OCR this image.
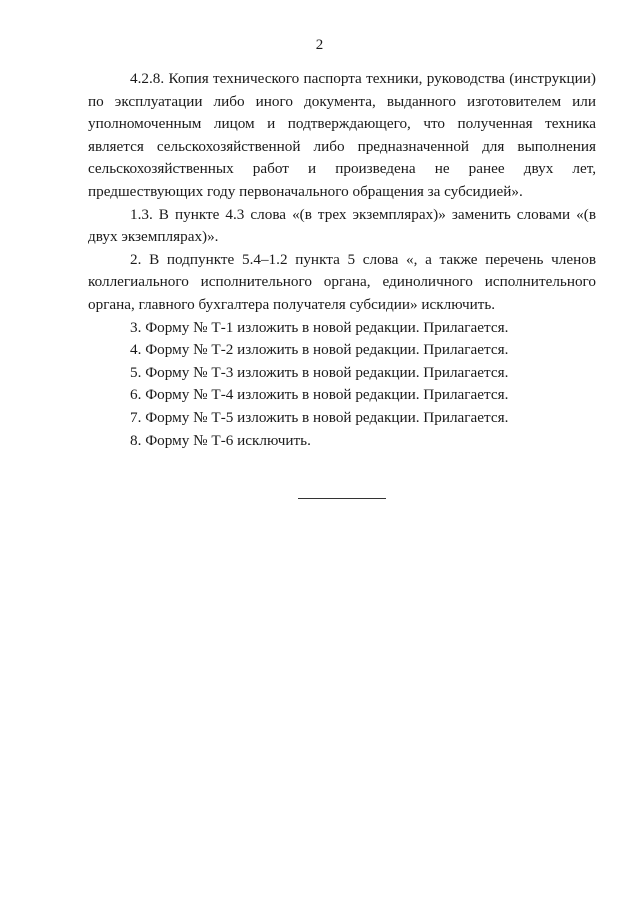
2

4.2.8. Копия технического паспорта техники, руководства (инструкции) по эксплуатации либо иного документа, выданного изготовителем или уполномоченным лицом и подтверждающего, что полученная техника является сельскохозяйственной либо предназначенной для выполнения сельскохозяйственных работ и произведена не ранее двух лет, предшествующих году первоначального обращения за субсидией».

1.3. В пункте 4.3 слова «(в трех экземплярах)» заменить словами «(в двух экземплярах)».

2. В подпункте 5.4–1.2 пункта 5 слова «, а также перечень членов коллегиального исполнительного органа, единоличного исполнительного органа, главного бухгалтера получателя субсидии» исключить.

3. Форму № Т-1 изложить в новой редакции. Прилагается.

4. Форму № Т-2 изложить в новой редакции. Прилагается.

5. Форму № Т-3 изложить в новой редакции. Прилагается.

6. Форму № Т-4 изложить в новой редакции. Прилагается.

7. Форму № Т-5 изложить в новой редакции. Прилагается.

8. Форму № Т-6 исключить.
